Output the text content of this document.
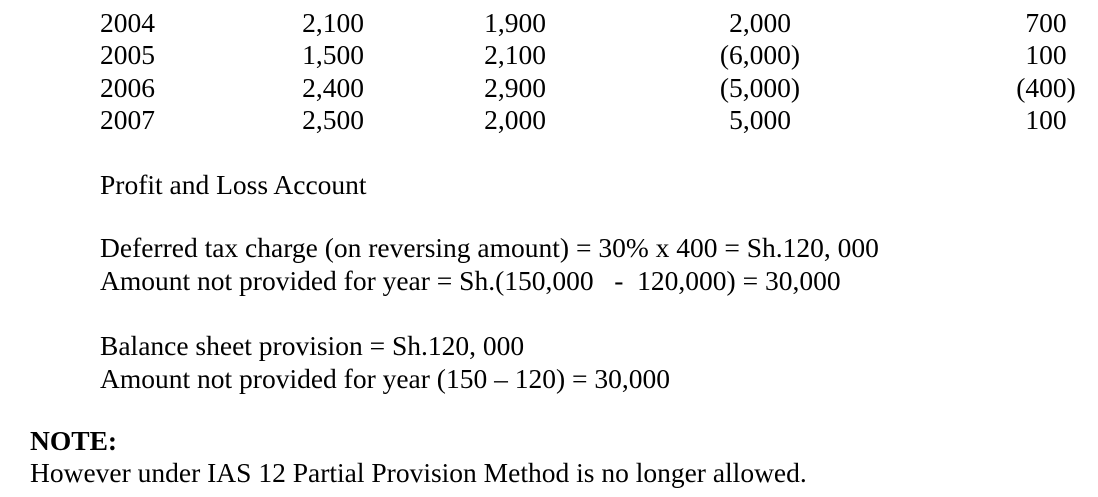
2004	2,100	1,900	2,000	700
2005	1,500	2,100	(6,000)	100
2006	2,400	2,900	(5,000)	(400)
2007	2,500	2,000	5,000	100
Profit and Loss Account
Deferred tax charge (on reversing amount) = 30% x 400 = Sh.120, 000
Amount not provided for year = Sh.(150,000   -  120,000) = 30,000
Balance sheet provision = Sh.120, 000
Amount not provided for year (150 – 120) = 30,000
NOTE:
However under IAS 12 Partial Provision Method is no longer allowed.
